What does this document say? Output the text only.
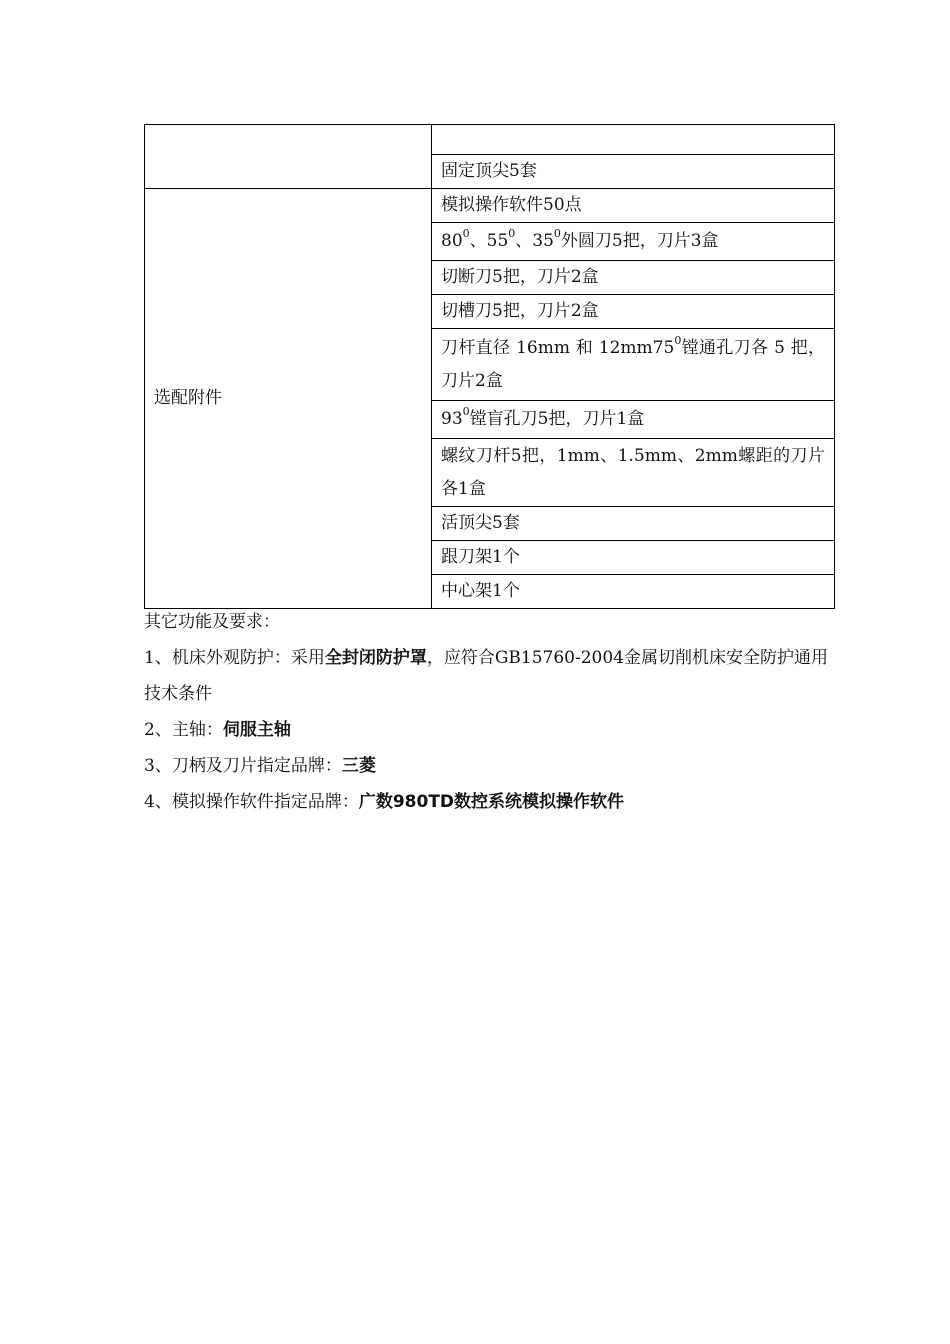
	固定顶尖5套
选配附件	模拟操作软件50点
	$80^0$、$55^0$、$35^0$外圆刀5把，刀片3盒
	切断刀5把，刀片2盒
	切槽刀5把，刀片2盒
	刀杆直径 16mm 和 $12mm75^0$镗通孔刀各 5 把，刀片2盒
	$93^0$镗盲孔刀5把，刀片1盒
	螺纹刀杆5把，1mm、1.5mm、2mm螺距的刀片各1盒
	活顶尖5套
	跟刀架1个
	中心架1个

其它功能及要求：

1、机床外观防护：采用全封闭防护罩，应符合GB15760-2004金属切削机床安全防护通用技术条件

2、主轴：伺服主轴

3、刀柄及刀片指定品牌：三菱

4、模拟操作软件指定品牌：广数980TD数控系统模拟操作软件
